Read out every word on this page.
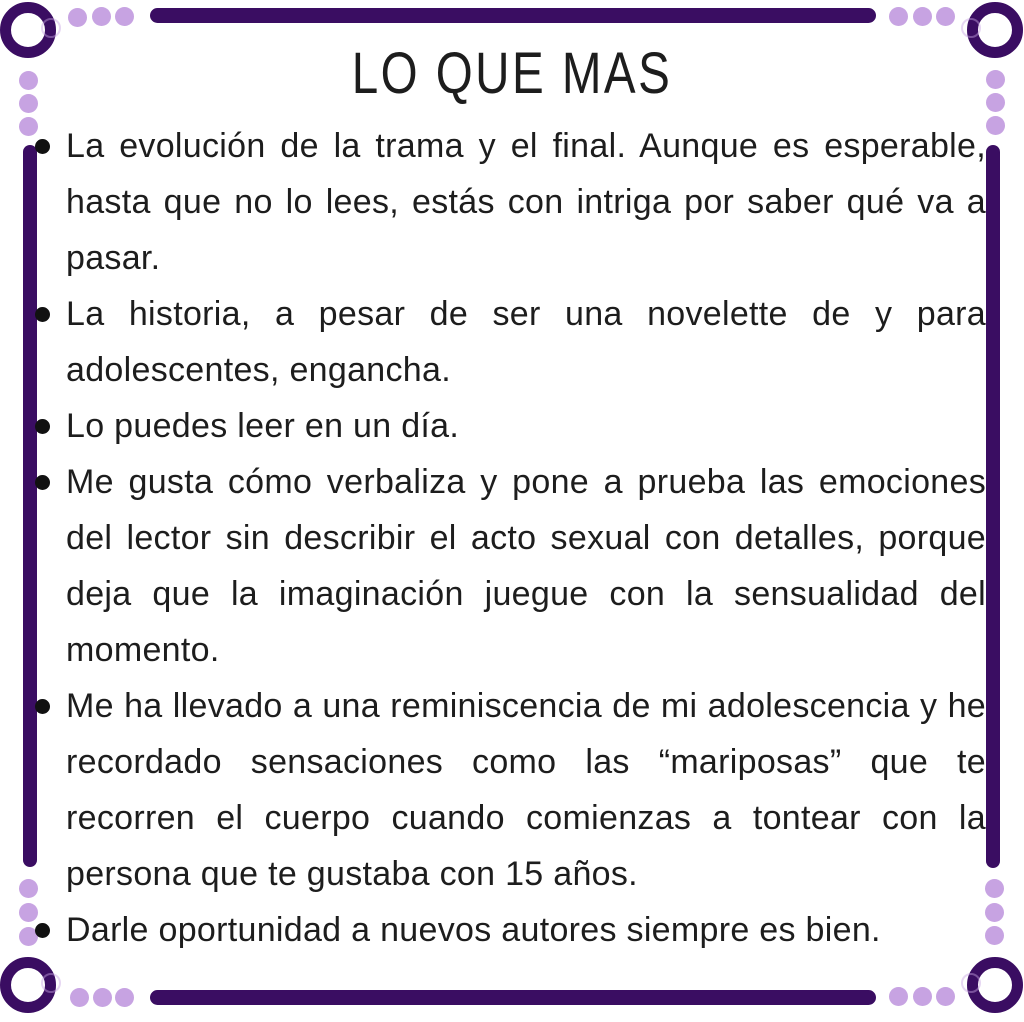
LO QUE MAS
La evolución de la trama y el final. Aunque es esperable, hasta que no lo lees, estás con intriga por saber qué va a pasar.
La historia, a pesar de ser una novelette de y para adolescentes, engancha.
Lo puedes leer en un día.
Me gusta cómo verbaliza y pone a prueba las emociones del lector sin describir el acto sexual con detalles, porque deja que la imaginación juegue con la sensualidad del momento.
Me ha llevado a una reminiscencia de mi adolescencia y he recordado sensaciones como las “mariposas” que te recorren el cuerpo cuando comienzas a tontear con la persona que te gustaba con 15 años.
Darle oportunidad a nuevos autores siempre es bien.
